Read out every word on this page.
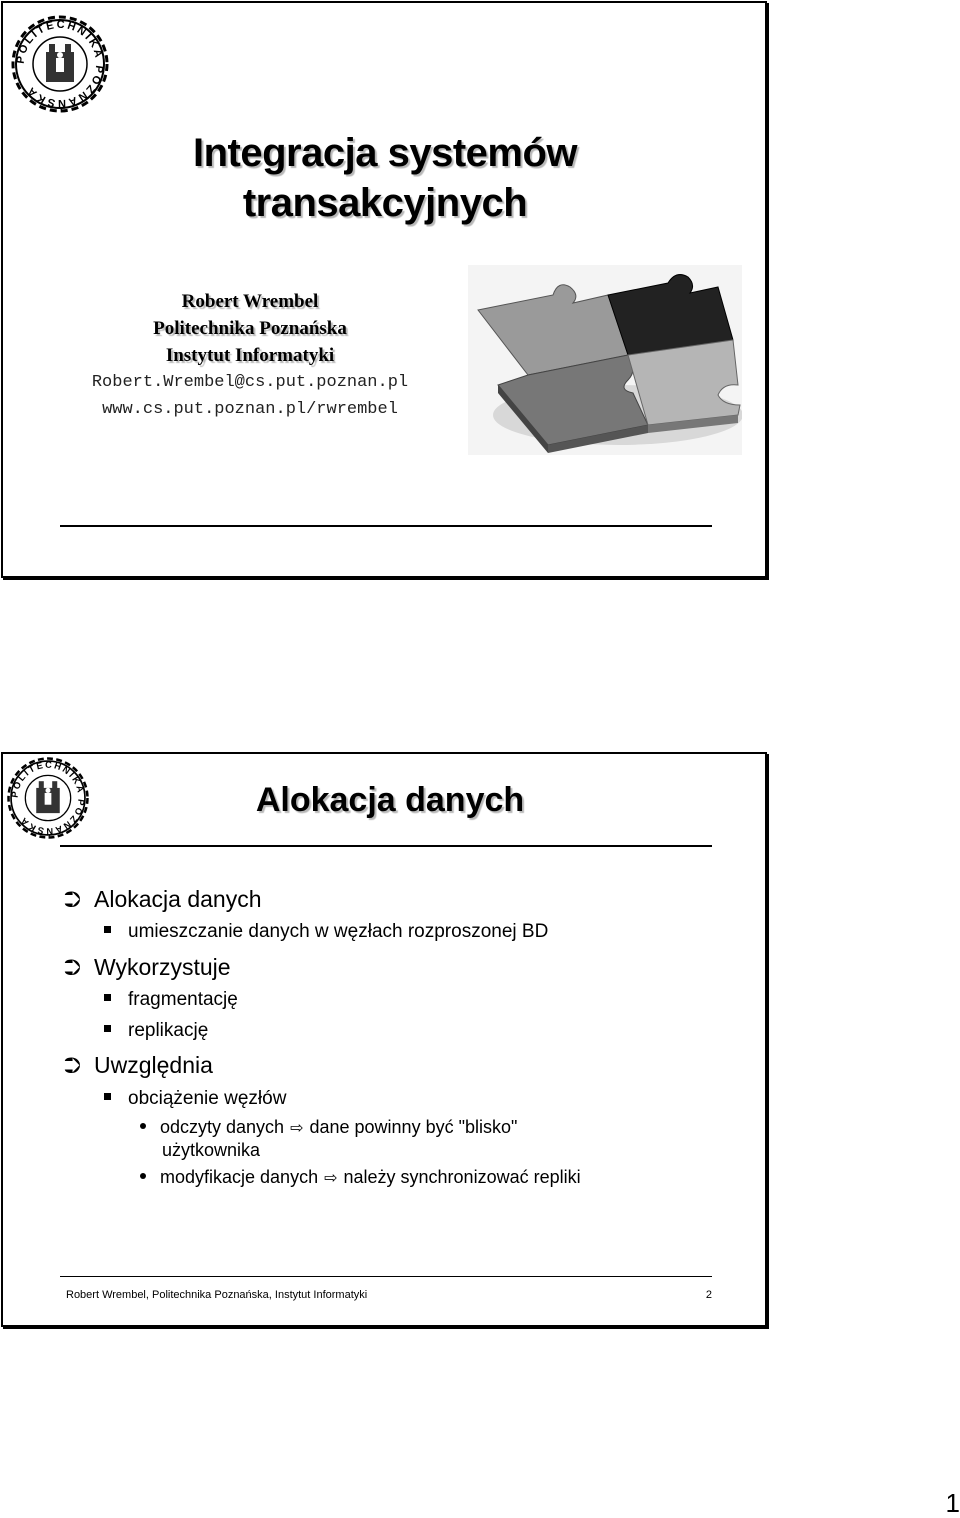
POLITECHNIKA POZNAŃSKA
Integracja systemów
transakcyjnych
Robert Wrembel
Politechnika Poznańska
Instytut Informatyki
Robert.Wrembel@cs.put.poznan.pl
www.cs.put.poznan.pl/rwrembel
POLITECHNIKA POZNAŃSKA
Alokacja danych
⮊ Alokacja danych
umieszczanie danych w węzłach rozproszonej BD
⮊ Wykorzystuje
fragmentację
replikację
⮊ Uwzględnia
obciążenie węzłów
odczyty danych ⇨ dane powinny być "blisko"
użytkownika
modyfikacje danych ⇨ należy synchronizować repliki
Robert Wrembel, Politechnika Poznańska, Instytut Informatyki	2
1
